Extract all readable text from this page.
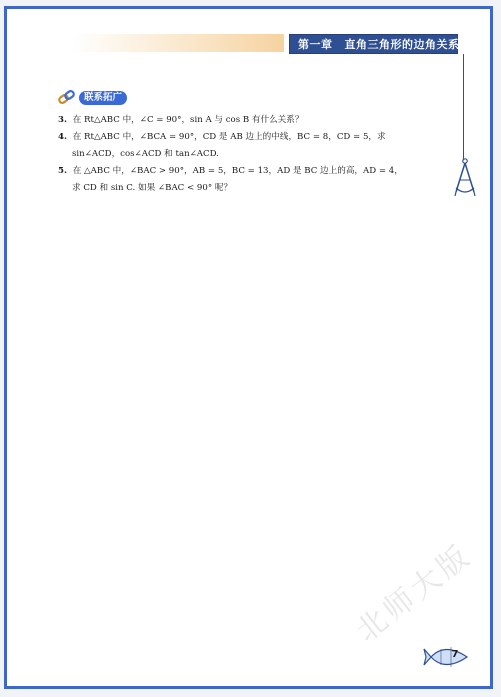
第一章 直角三角形的边角关系
联系拓广
3. 在 Rt△ABC 中，∠C = 90°，sin A 与 cos B 有什么关系？
4. 在 Rt△ABC 中，∠BCA = 90°，CD 是 AB 边上的中线，BC = 8，CD = 5，求
sin∠ACD，cos∠ACD 和 tan∠ACD.
5. 在 △ABC 中，∠BAC > 90°，AB = 5，BC = 13，AD 是 BC 边上的高，AD = 4，
求 CD 和 sin C. 如果 ∠BAC < 90° 呢？
北师大版
7
